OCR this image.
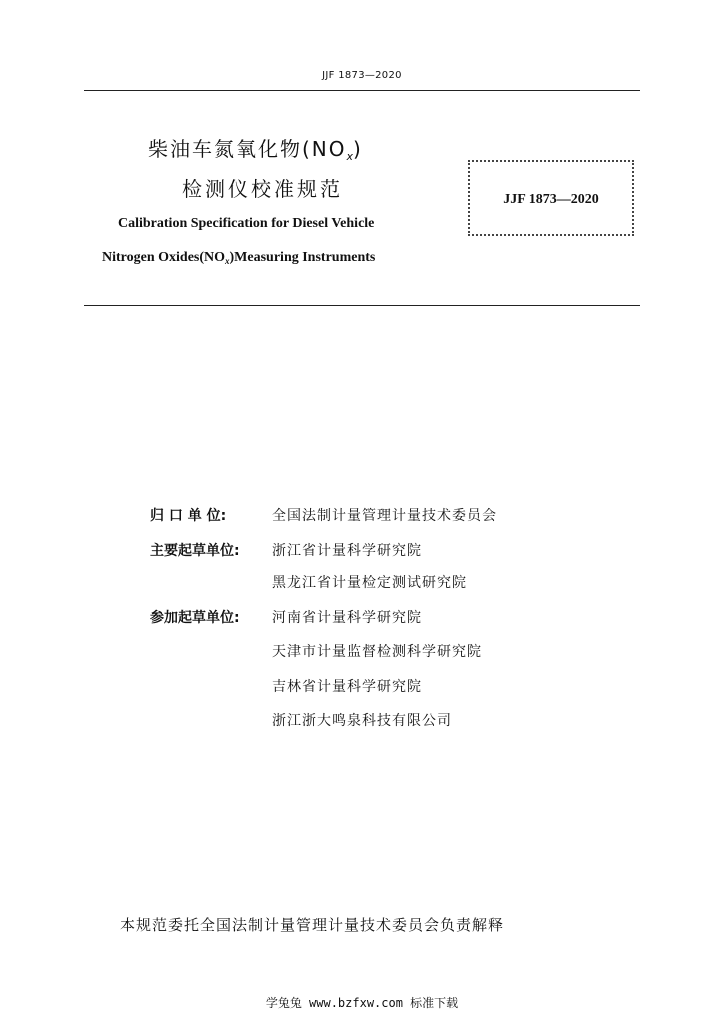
JJF 1873—2020
柴油车氮氧化物$(NO_x)$
检测仪校准规范
Calibration Specification for Diesel Vehicle
Nitrogen $Oxides(NO_x)Measuring$ Instruments
JJF 1873—2020
归 口 单 位:	全国法制计量管理计量技术委员会
主要起草单位: 浙江省计量科学研究院
黑龙江省计量检定测试研究院
参加起草单位: 河南省计量科学研究院
天津市计量监督检测科学研究院
吉林省计量科学研究院
浙江浙大鸣泉科技有限公司
本规范委托全国法制计量管理计量技术委员会负责解释
学兔兔 www.bzfxw.com 标准下载
